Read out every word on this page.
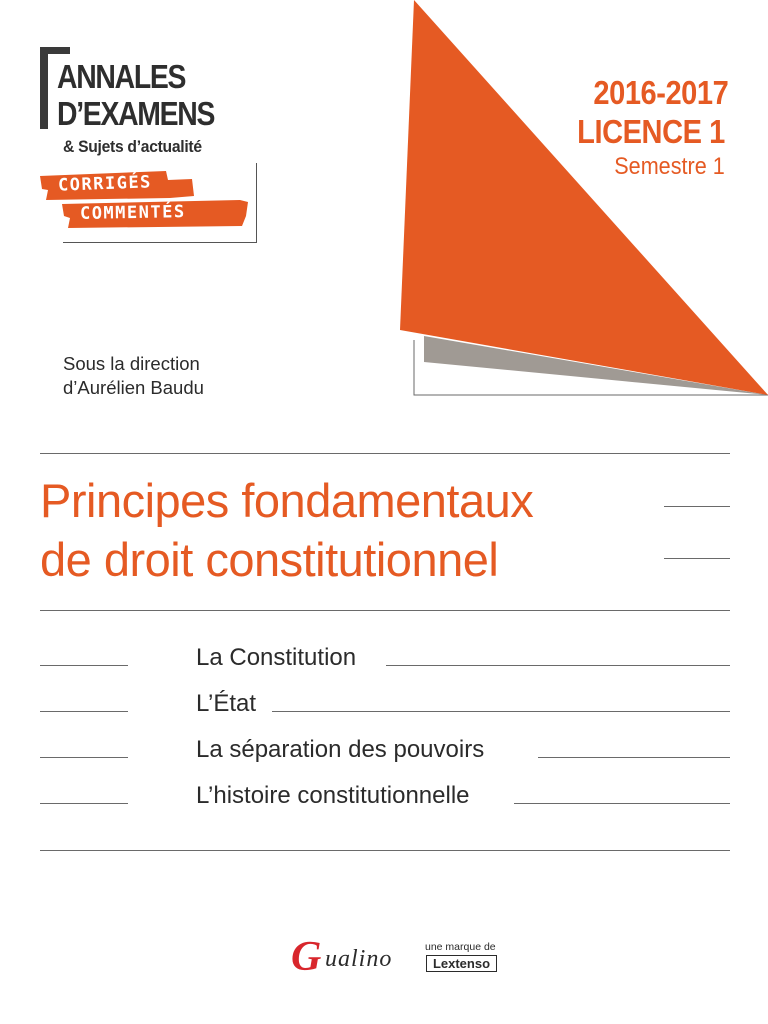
ANNALES
D’EXAMENS
& Sujets d’actualité
CORRIGÉS
COMMENTÉS
2016-2017
LICENCE 1
Semestre 1
Sous la direction
d’Aurélien Baudu
Principes fondamentaux
de droit constitutionnel
La Constitution
L’État
La séparation des pouvoirs
L’histoire constitutionnelle
G ualino	une marque de
Lextenso
